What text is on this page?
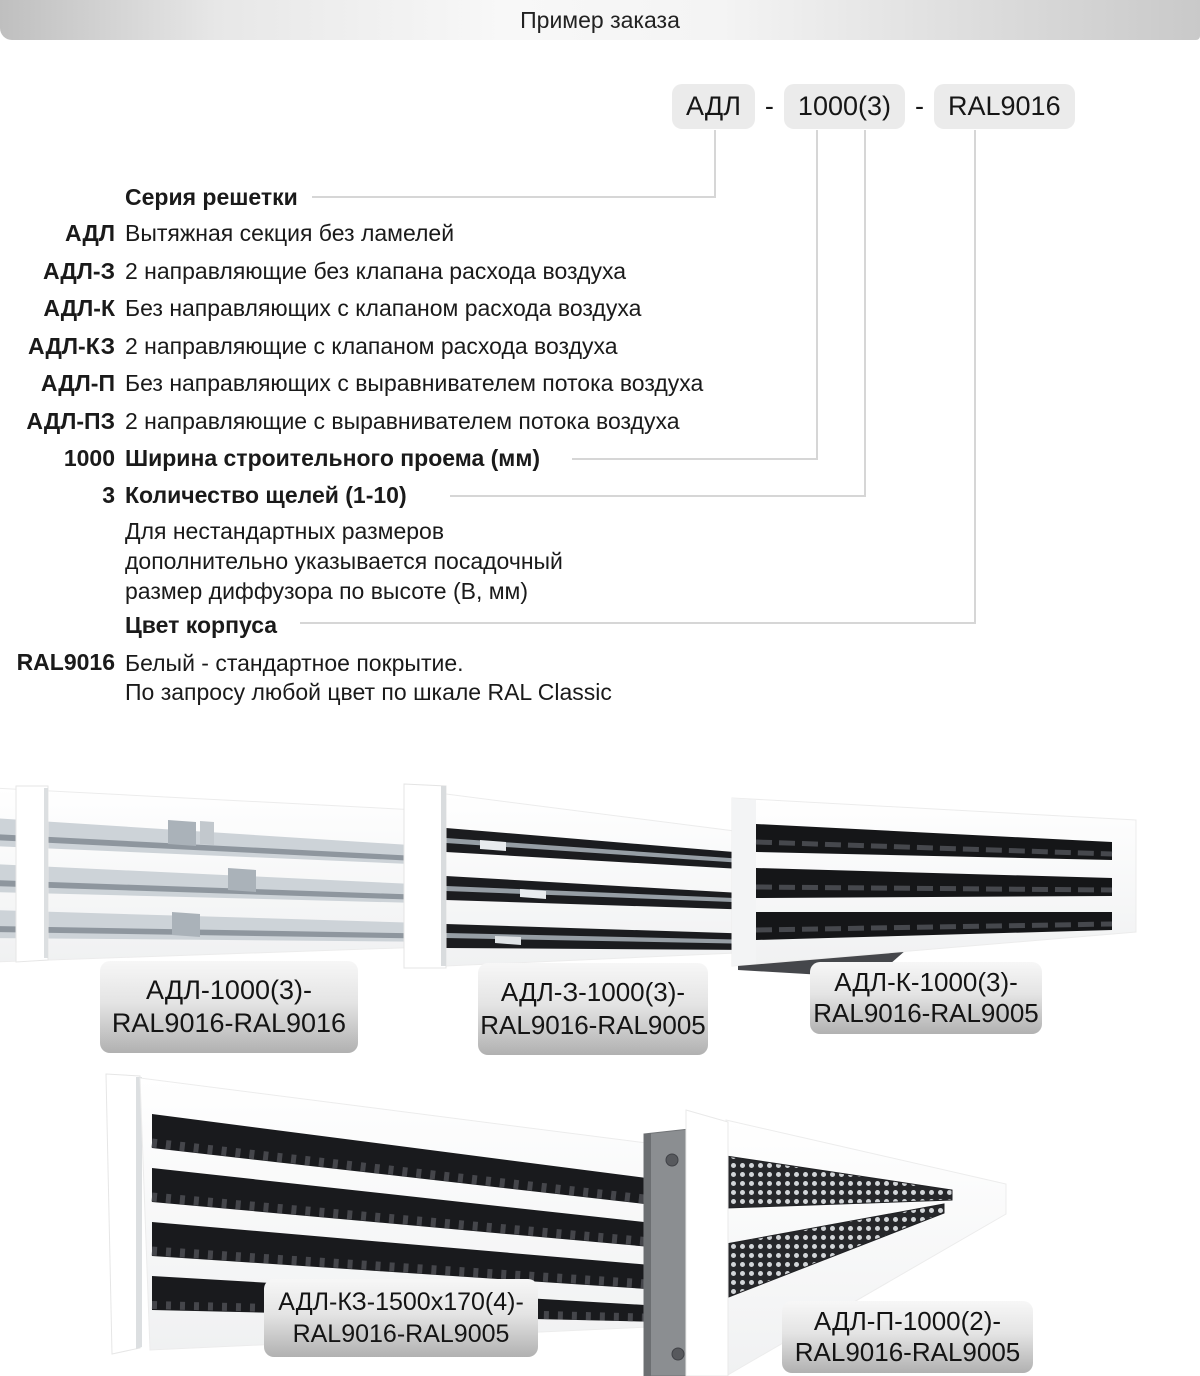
Пример заказа
АДЛ - 1000(3) - RAL9016
Серия решетки
АДЛ Вытяжная секция без ламелей
АДЛ-З 2 направляющие без клапана расхода воздуха
АДЛ-К Без направляющих с клапаном расхода воздуха
АДЛ-КЗ 2 направляющие с клапаном расхода воздуха
АДЛ-П Без направляющих с выравнивателем потока воздуха
АДЛ-ПЗ 2 направляющие с выравнивателем потока воздуха
1000 Ширина строительного проема (мм)
3 Количество щелей (1-10)
Для нестандартных размеров
дополнительно указывается посадочный
размер диффузора по высоте (В, мм)
Цвет корпуса
RAL9016 Белый - стандартное покрытие.
По запросу любой цвет по шкале RAL Classic
АДЛ-1000(3)-
RAL9016-RAL9016
АДЛ-З-1000(3)-
RAL9016-RAL9005
АДЛ-К-1000(3)-
RAL9016-RAL9005
АДЛ-КЗ-1500х170(4)-
RAL9016-RAL9005	АДЛ-П-1000(2)-
RAL9016-RAL9005
